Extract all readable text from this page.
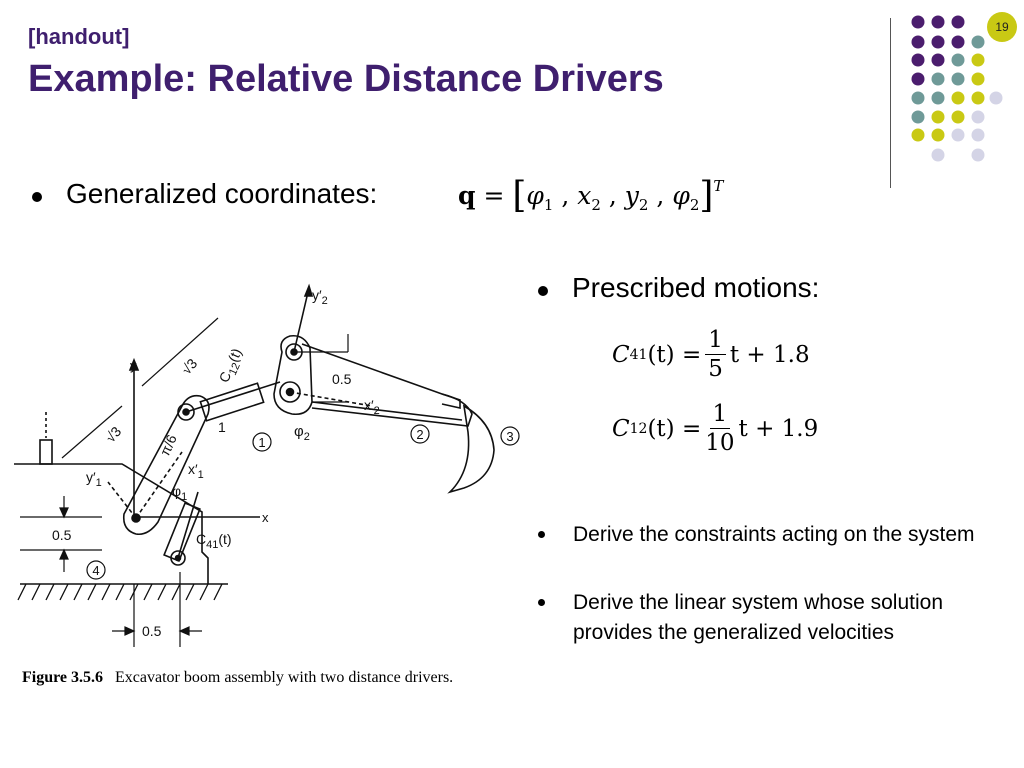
[handout]
Example: Relative Distance Drivers
19
Generalized coordinates:	$q = [\varphi_1$ , $x_2$ , $y_2$ , $\varphi_2]^T$
Prescribed motions:
C 41 (t)
= $\frac{1}{5}$ t + 1.8
C 12 (t)
= $\frac{1}{10}$ t + 1.9
Derive the constraints acting on the system
Derive the linear system whose solution provides the generalized velocities
y
x
$y'_2$
$x'_2$
$\varphi_2$
0.5
√3
√3
$C_{12}(t)$
1
π/6
$x'_1$
$\varphi_1$
$y'_1$
$C_{41}(t)$
0.5
0.5
1
2	3
4
Figure 3.5.6 Excavator boom assembly with two distance drivers.
